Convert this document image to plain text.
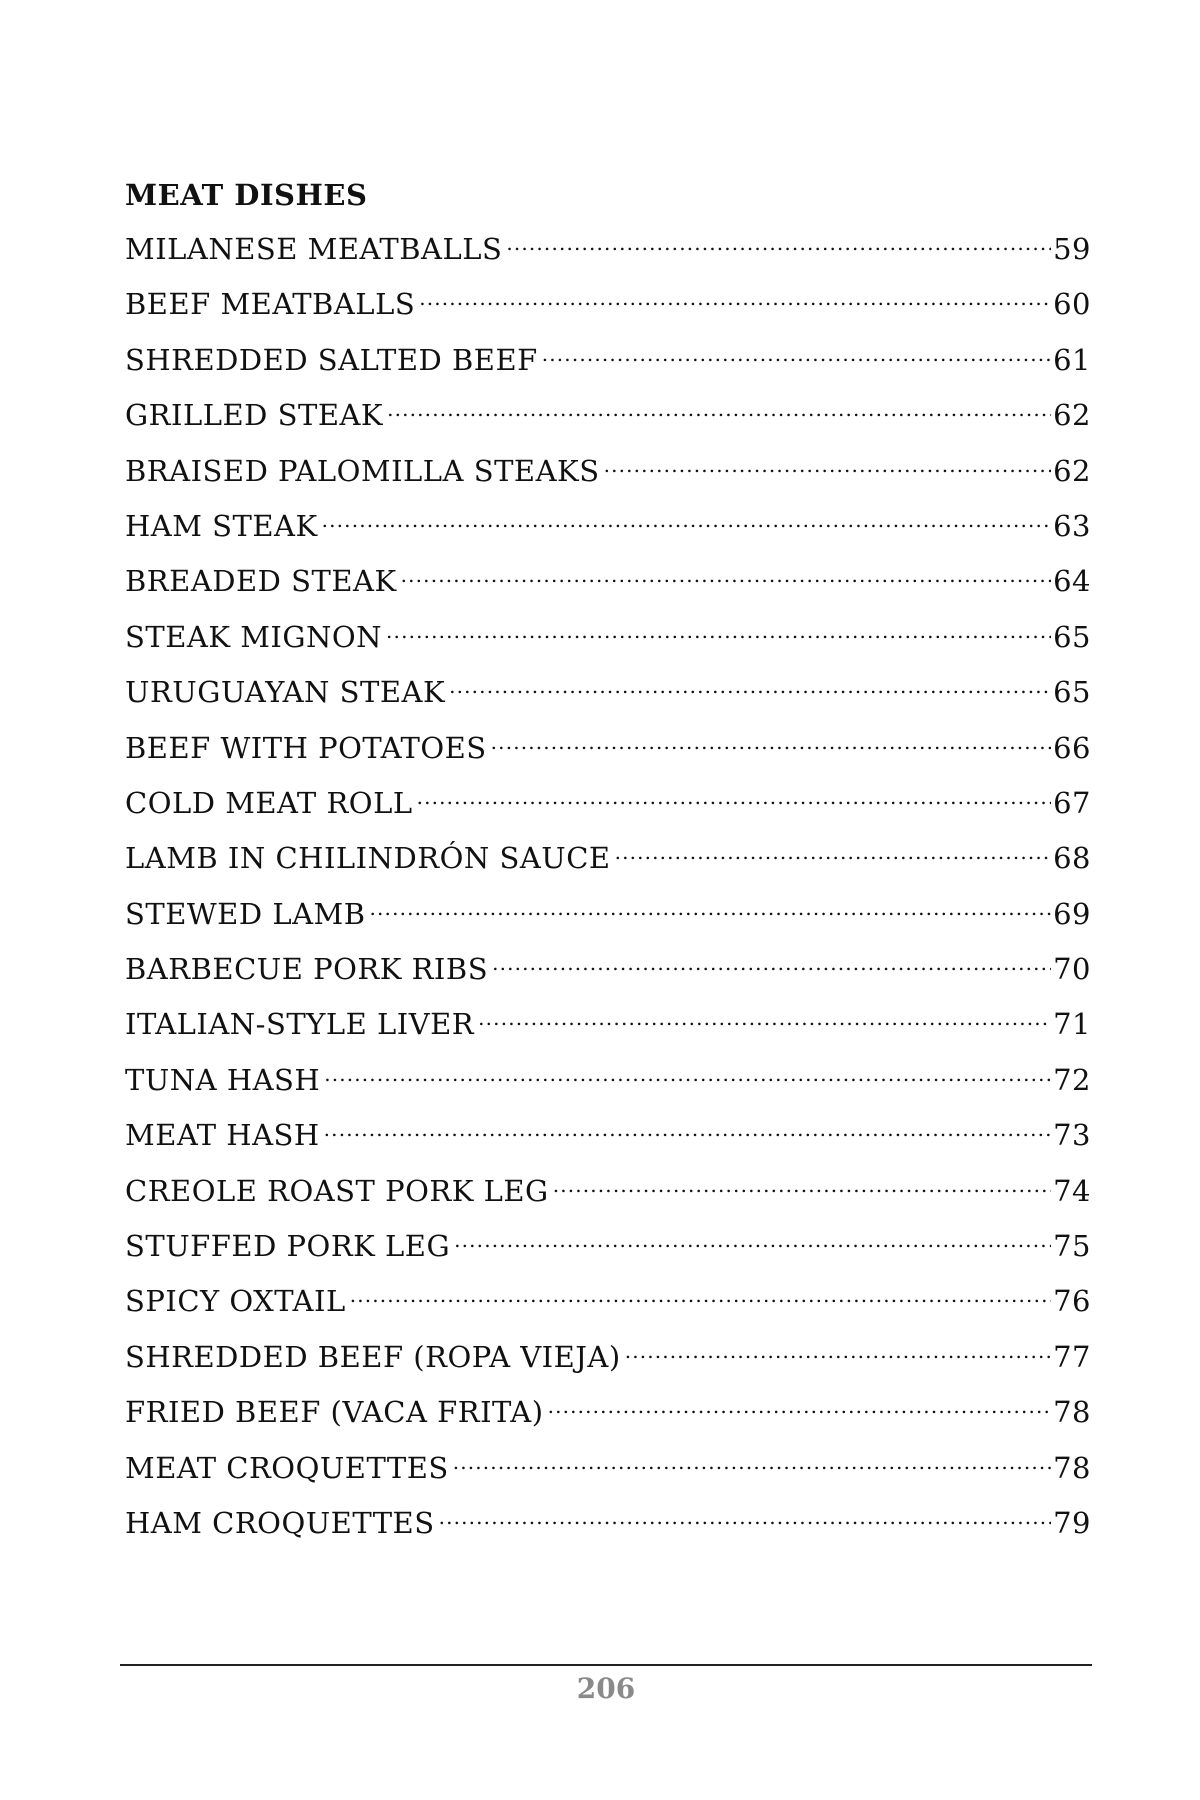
MEAT DISHES
MILANESE MEATBALLS . . .	59
BEEF MEATBALLS . . .	60
SHREDDED SALTED BEEF . . .	61
GRILLED STEAK . . .	62
BRAISED PALOMILLA STEAKS . . .	62
HAM STEAK . . .	63
BREADED STEAK . . .	64
STEAK MIGNON . . .	65
URUGUAYAN STEAK . . .	65
BEEF WITH POTATOES . . .	66
COLD MEAT ROLL . . .	67
LAMB IN CHILINDRÓN SAUCE . . .	68
STEWED LAMB . . .	69
BARBECUE PORK RIBS . . .	70
ITALIAN-STYLE LIVER . . .	71
TUNA HASH . . .	72
MEAT HASH . . .	73
CREOLE ROAST PORK LEG . . .	74
STUFFED PORK LEG . . .	75
SPICY OXTAIL . . .	76
SHREDDED BEEF (ROPA VIEJA) . . .	77
FRIED BEEF (VACA FRITA) . . .	78
MEAT CROQUETTES . . .	78
HAM CROQUETTES . . .	79
206
